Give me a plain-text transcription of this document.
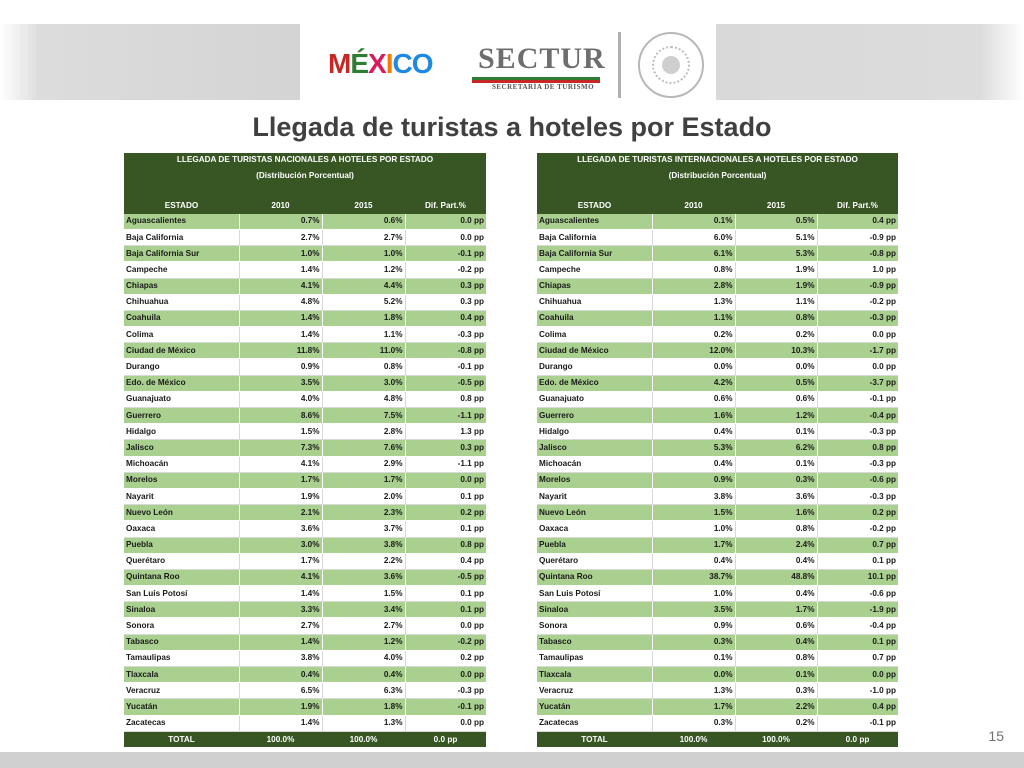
MÉXICO SECTUR
SECRETARÍA DE TURISMO
Llegada de turistas a hoteles por Estado
LLEGADA DE TURISTAS NACIONALES A HOTELES POR ESTADO			
(Distribución Porcentual)			

ESTADO	2010	2015	Dif. Part.%
Aguascalientes	0.7%	0.6%	0.0 pp
Baja California	2.7%	2.7%	0.0 pp
Baja California Sur	1.0%	1.0%	-0.1 pp
Campeche	1.4%	1.2%	-0.2 pp
Chiapas	4.1%	4.4%	0.3 pp
Chihuahua	4.8%	5.2%	0.3 pp
Coahuila	1.4%	1.8%	0.4 pp
Colima	1.4%	1.1%	-0.3 pp
Ciudad de México	11.8%	11.0%	-0.8 pp
Durango	0.9%	0.8%	-0.1 pp
Edo. de México	3.5%	3.0%	-0.5 pp
Guanajuato	4.0%	4.8%	0.8 pp
Guerrero	8.6%	7.5%	-1.1 pp
Hidalgo	1.5%	2.8%	1.3 pp
Jalisco	7.3%	7.6%	0.3 pp
Michoacán	4.1%	2.9%	-1.1 pp
Morelos	1.7%	1.7%	0.0 pp
Nayarit	1.9%	2.0%	0.1 pp
Nuevo León	2.1%	2.3%	0.2 pp
Oaxaca	3.6%	3.7%	0.1 pp
Puebla	3.0%	3.8%	0.8 pp
Querétaro	1.7%	2.2%	0.4 pp
Quintana Roo	4.1%	3.6%	-0.5 pp
San Luis Potosí	1.4%	1.5%	0.1 pp
Sinaloa	3.3%	3.4%	0.1 pp
Sonora	2.7%	2.7%	0.0 pp
Tabasco	1.4%	1.2%	-0.2 pp
Tamaulipas	3.8%	4.0%	0.2 pp
Tlaxcala	0.4%	0.4%	0.0 pp
Veracruz	6.5%	6.3%	-0.3 pp
Yucatán	1.9%	1.8%	-0.1 pp
Zacatecas	1.4%	1.3%	0.0 pp
TOTAL	100.0%	100.0%	0.0 pp
LLEGADA DE TURISTAS INTERNACIONALES A HOTELES POR ESTADO			
(Distribución Porcentual)			

ESTADO	2010	2015	Dif. Part.%
Aguascalientes	0.1%	0.5%	0.4 pp
Baja California	6.0%	5.1%	-0.9 pp
Baja California Sur	6.1%	5.3%	-0.8 pp
Campeche	0.8%	1.9%	1.0 pp
Chiapas	2.8%	1.9%	-0.9 pp
Chihuahua	1.3%	1.1%	-0.2 pp
Coahuila	1.1%	0.8%	-0.3 pp
Colima	0.2%	0.2%	0.0 pp
Ciudad de México	12.0%	10.3%	-1.7 pp
Durango	0.0%	0.0%	0.0 pp
Edo. de México	4.2%	0.5%	-3.7 pp
Guanajuato	0.6%	0.6%	-0.1 pp
Guerrero	1.6%	1.2%	-0.4 pp
Hidalgo	0.4%	0.1%	-0.3 pp
Jalisco	5.3%	6.2%	0.8 pp
Michoacán	0.4%	0.1%	-0.3 pp
Morelos	0.9%	0.3%	-0.6 pp
Nayarit	3.8%	3.6%	-0.3 pp
Nuevo León	1.5%	1.6%	0.2 pp
Oaxaca	1.0%	0.8%	-0.2 pp
Puebla	1.7%	2.4%	0.7 pp
Querétaro	0.4%	0.4%	0.1 pp
Quintana Roo	38.7%	48.8%	10.1 pp
San Luis Potosí	1.0%	0.4%	-0.6 pp
Sinaloa	3.5%	1.7%	-1.9 pp
Sonora	0.9%	0.6%	-0.4 pp
Tabasco	0.3%	0.4%	0.1 pp
Tamaulipas	0.1%	0.8%	0.7 pp
Tlaxcala	0.0%	0.1%	0.0 pp
Veracruz	1.3%	0.3%	-1.0 pp
Yucatán	1.7%	2.2%	0.4 pp
Zacatecas	0.3%	0.2%	-0.1 pp
TOTAL	100.0%	100.0%	0.0 pp	15
